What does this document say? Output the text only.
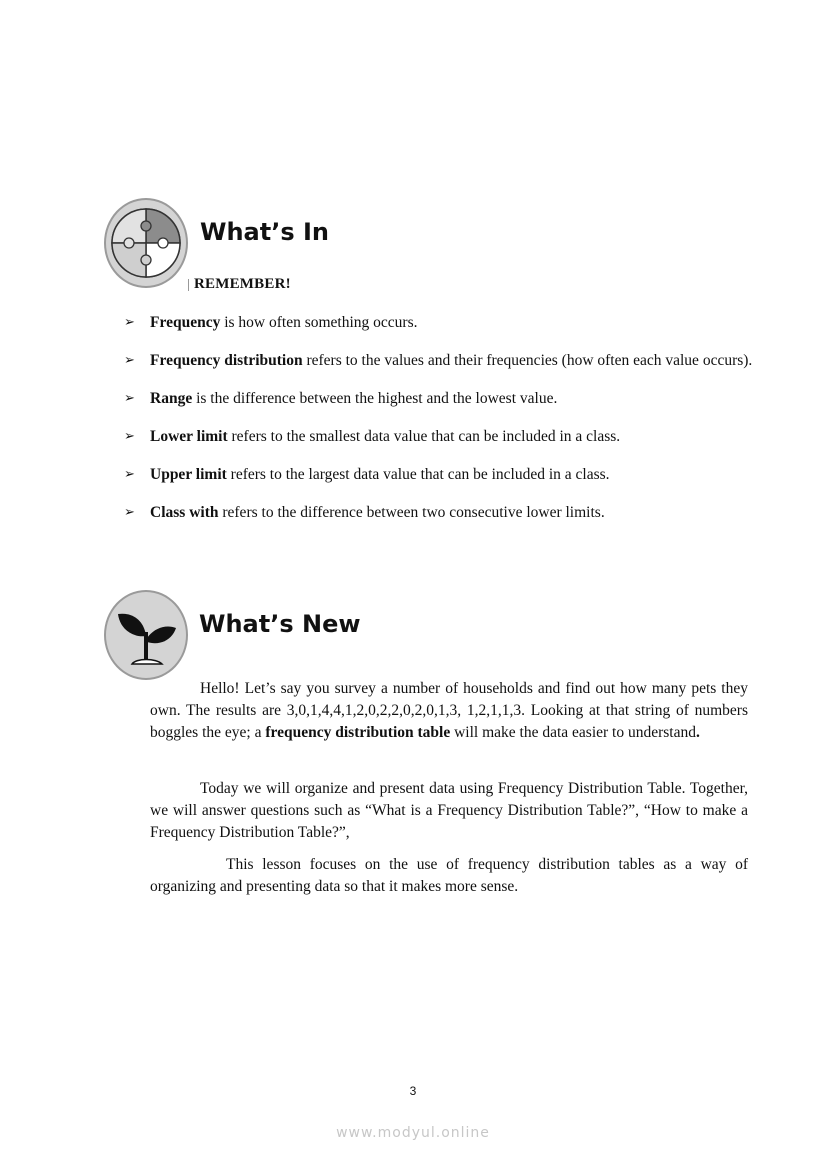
What’s In
REMEMBER!
➢ Frequency is how often something occurs.
➢ Frequency distribution refers to the values and their frequencies (how often each value occurs).
➢ Range is the difference between the highest and the lowest value.
➢ Lower limit refers to the smallest data value that can be included in a class.
➢ Upper limit refers to the largest data value that can be included in a class.
➢ Class with refers to the difference between two consecutive lower limits.
What’s New

Hello! Let’s say you survey a number of households and find out how many pets they own. The results are 3,0,1,4,4,1,2,0,2,2,0,2,0,1,3, 1,2,1,1,3. Looking at that string of numbers boggles the eye; a frequency distribution table will make the data easier to understand.

Today we will organize and present data using Frequency Distribution Table. Together, we will answer questions such as “What is a Frequency Distribution Table?”, “How to make a Frequency Distribution Table?”,

This lesson focuses on the use of frequency distribution tables as a way of organizing and presenting data so that it makes more sense.

3
www.modyul.online
